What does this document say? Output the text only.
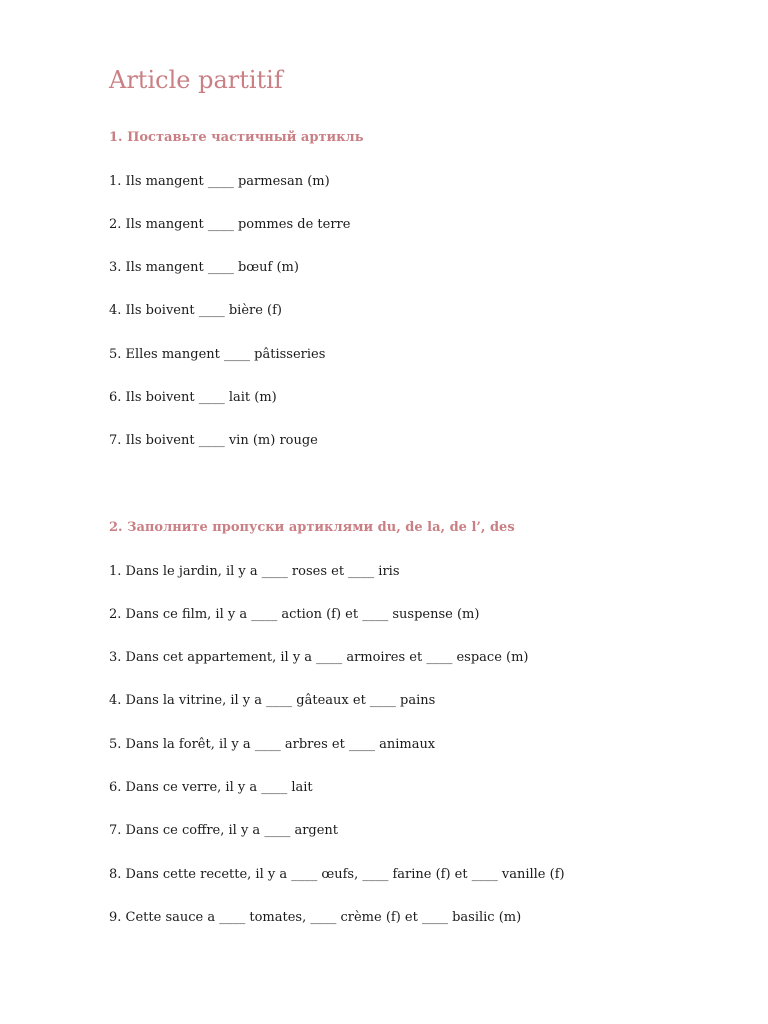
Article partitif
1. Поставьте частичный артикль
1. Ils mangent ____ parmesan (m)
2. Ils mangent ____ pommes de terre
3. Ils mangent ____ bœuf (m)
4. Ils boivent ____ bière (f)
5. Elles mangent ____ pâtisseries
6. Ils boivent ____ lait (m)
7. Ils boivent ____ vin (m) rouge
2. Заполните пропуски артиклями du, de la, de l’, des
1. Dans le jardin, il y a ____ roses et ____ iris
2. Dans ce film, il y a ____ action (f) et ____ suspense (m)
3. Dans cet appartement, il y a ____ armoires et ____ espace (m)
4. Dans la vitrine, il y a ____ gâteaux et ____ pains
5. Dans la forêt, il y a ____ arbres et ____ animaux
6. Dans ce verre, il y a ____ lait
7. Dans ce coffre, il y a ____ argent
8. Dans cette recette, il y a ____ œufs, ____ farine (f) et ____ vanille (f)
9. Cette sauce a ____ tomates, ____ crème (f) et ____ basilic (m)
